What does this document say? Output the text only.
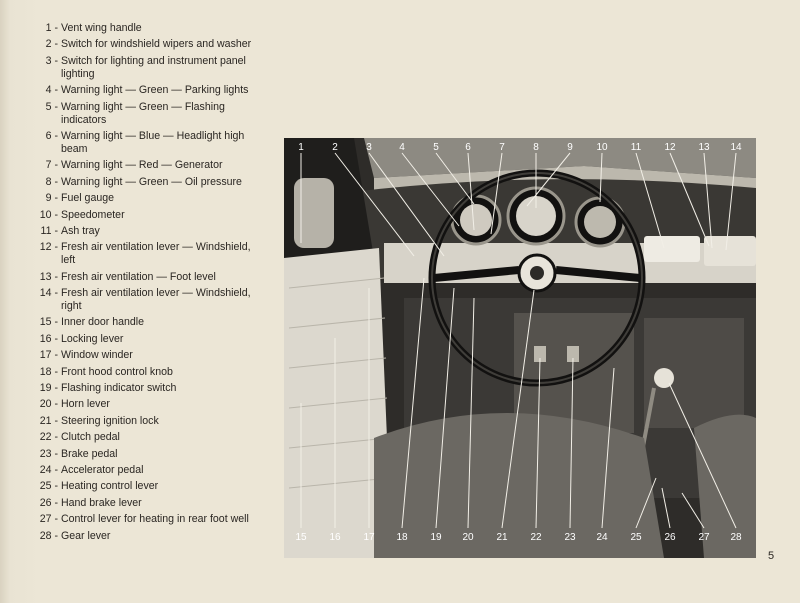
1 - Vent wing handle
2 - Switch for windshield wipers and washer
3 - Switch for lighting and instrument panel lighting
4 - Warning light — Green — Parking lights
5 - Warning light — Green — Flashing indicators
6 - Warning light — Blue — Headlight high beam
7 - Warning light — Red — Generator
8 - Warning light — Green — Oil pressure
9 - Fuel gauge
10 - Speedometer
11 - Ash tray
12 - Fresh air ventilation lever — Windshield, left
13 - Fresh air ventilation — Foot level
14 - Fresh air ventilation lever — Windshield, right
15 - Inner door handle
16 - Locking lever
17 - Window winder
18 - Front hood control knob
19 - Flashing indicator switch
20 - Horn lever
21 - Steering ignition lock
22 - Clutch pedal
23 - Brake pedal
24 - Accelerator pedal
25 - Heating control lever
26 - Hand brake lever
27 - Control lever for heating in rear foot well
28 - Gear lever
1	2	3	4	5	6	7	8	9 10 11 12 13 14
15 16 17 18 19 20 21 22 23 24 25 26 27 28
5
